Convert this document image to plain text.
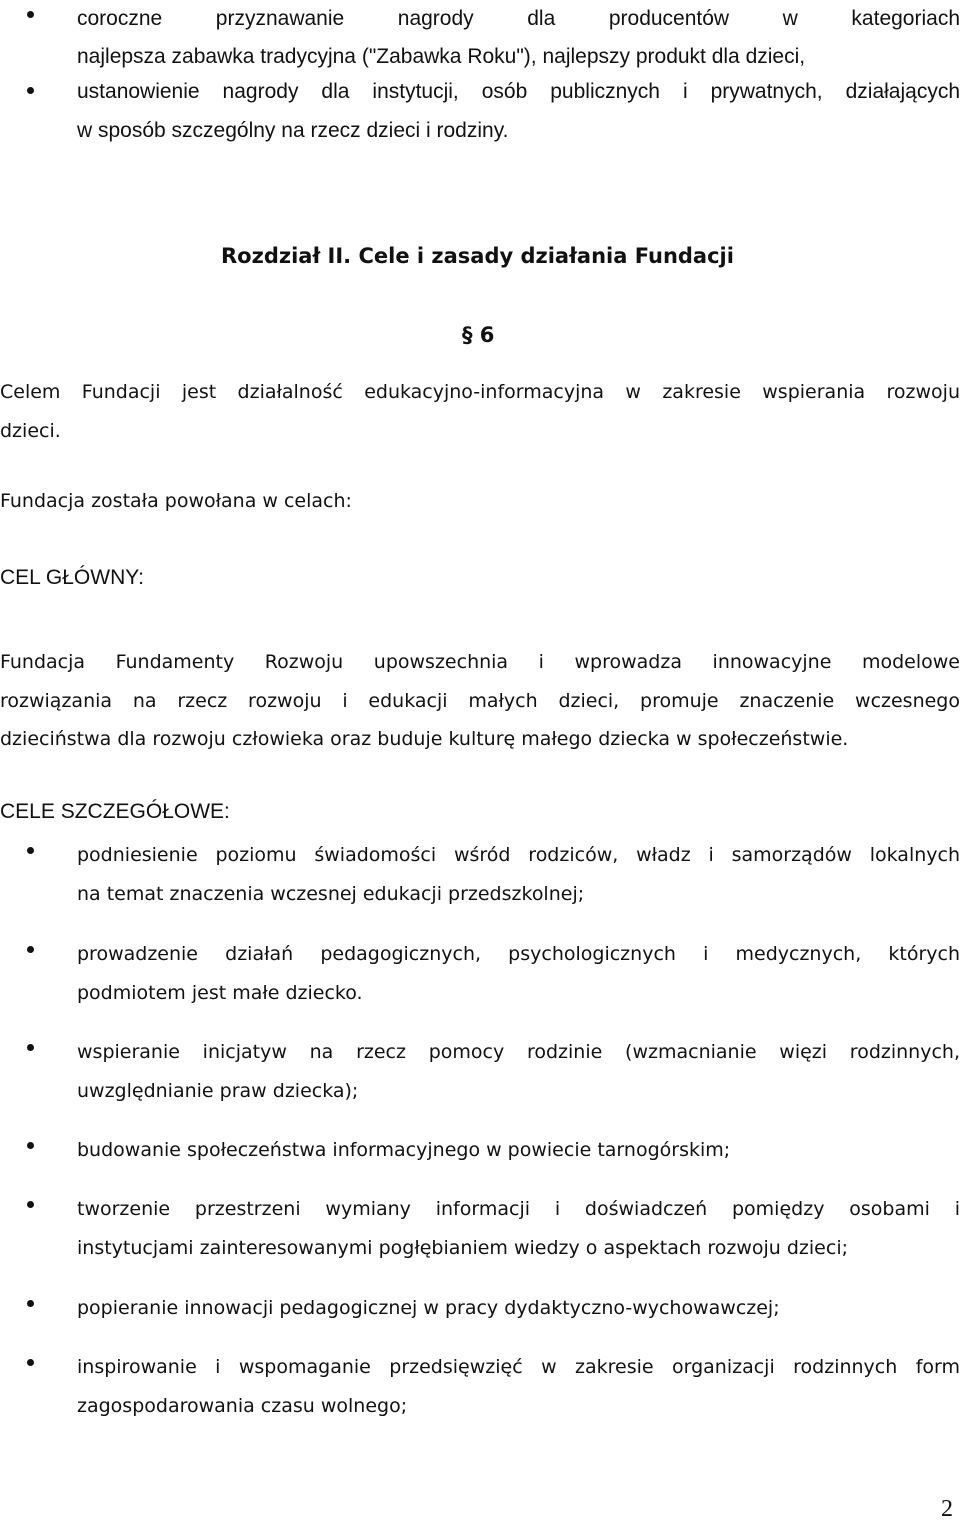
coroczne przyznawanie nagrody dla producentów w kategoriach
najlepsza zabawka tradycyjna ("Zabawka Roku"), najlepszy produkt dla dzieci,
ustanowienie nagrody dla instytucji, osób publicznych i prywatnych, działających
w sposób szczególny na rzecz dzieci i rodziny.
Rozdział II. Cele i zasady działania Fundacji
§ 6
Celem Fundacji jest działalność edukacyjno-informacyjna w zakresie wspierania rozwoju
dzieci.
Fundacja została powołana w celach:
CEL GŁÓWNY:
Fundacja Fundamenty Rozwoju upowszechnia i wprowadza innowacyjne modelowe
rozwiązania na rzecz rozwoju i edukacji małych dzieci, promuje znaczenie wczesnego
dzieciństwa dla rozwoju człowieka oraz buduje kulturę małego dziecka w społeczeństwie.
CELE SZCZEGÓŁOWE:
podniesienie poziomu świadomości wśród rodziców, władz i samorządów lokalnych
na temat znaczenia wczesnej edukacji przedszkolnej;
prowadzenie działań pedagogicznych, psychologicznych i medycznych, których
podmiotem jest małe dziecko.
wspieranie inicjatyw na rzecz pomocy rodzinie (wzmacnianie więzi rodzinnych,
uwzględnianie praw dziecka);
budowanie społeczeństwa informacyjnego w powiecie tarnogórskim;
tworzenie przestrzeni wymiany informacji i doświadczeń pomiędzy osobami i
instytucjami zainteresowanymi pogłębianiem wiedzy o aspektach rozwoju dzieci;
popieranie innowacji pedagogicznej w pracy dydaktyczno-wychowawczej;
inspirowanie i wspomaganie przedsięwzięć w zakresie organizacji rodzinnych form
zagospodarowania czasu wolnego;
2
